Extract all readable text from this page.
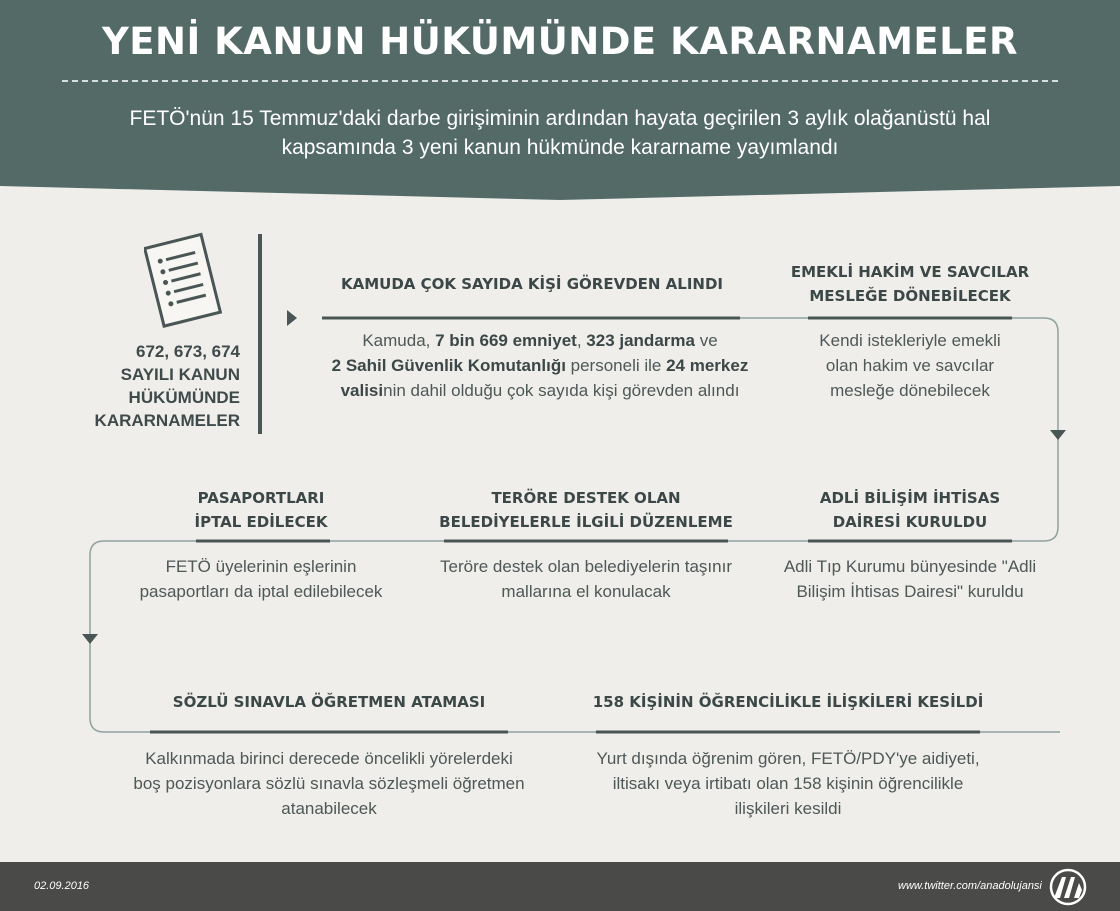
YENİ KANUN HÜKÜMÜNDE KARARNAMELER
FETÖ'nün 15 Temmuz'daki darbe girişiminin ardından hayata geçirilen 3 aylık olağanüstü hal
kapsamında 3 yeni kanun hükmünde kararname yayımlandı
672, 673, 674
SAYILI KANUN
HÜKÜMÜNDE
KARARNAMELER
KAMUDA ÇOK SAYIDA KİŞİ GÖREVDEN ALINDI
Kamuda, 7 bin 669 emniyet, 323 jandarma ve
2 Sahil Güvenlik Komutanlığı personeli ile 24 merkez
valisinin dahil olduğu çok sayıda kişi görevden alındı
EMEKLİ HAKİM VE SAVCILAR
MESLEĞE DÖNEBİLECEK
Kendi istekleriyle emekli
olan hakim ve savcılar
mesleğe dönebilecek
ADLİ BİLİŞİM İHTİSAS
DAİRESİ KURULDU
Adli Tıp Kurumu bünyesinde "Adli
Bilişim İhtisas Dairesi" kuruldu
TERÖRE DESTEK OLAN
BELEDİYELERLE İLGİLİ DÜZENLEME
Teröre destek olan belediyelerin taşınır
mallarına el konulacak
PASAPORTLARI
İPTAL EDİLECEK
FETÖ üyelerinin eşlerinin
pasaportları da iptal edilebilecek
SÖZLÜ SINAVLA ÖĞRETMEN ATAMASI
Kalkınmada birinci derecede öncelikli yörelerdeki
boş pozisyonlara sözlü sınavla sözleşmeli öğretmen
atanabilecek
158 KİŞİNİN ÖĞRENCİLİKLE İLİŞKİLERİ KESİLDİ
Yurt dışında öğrenim gören, FETÖ/PDY'ye aidiyeti,
iltisakı veya irtibatı olan 158 kişinin öğrencilikle
ilişkileri kesildi
02.09.2016	www.twitter.com/anadolujansi
AA
